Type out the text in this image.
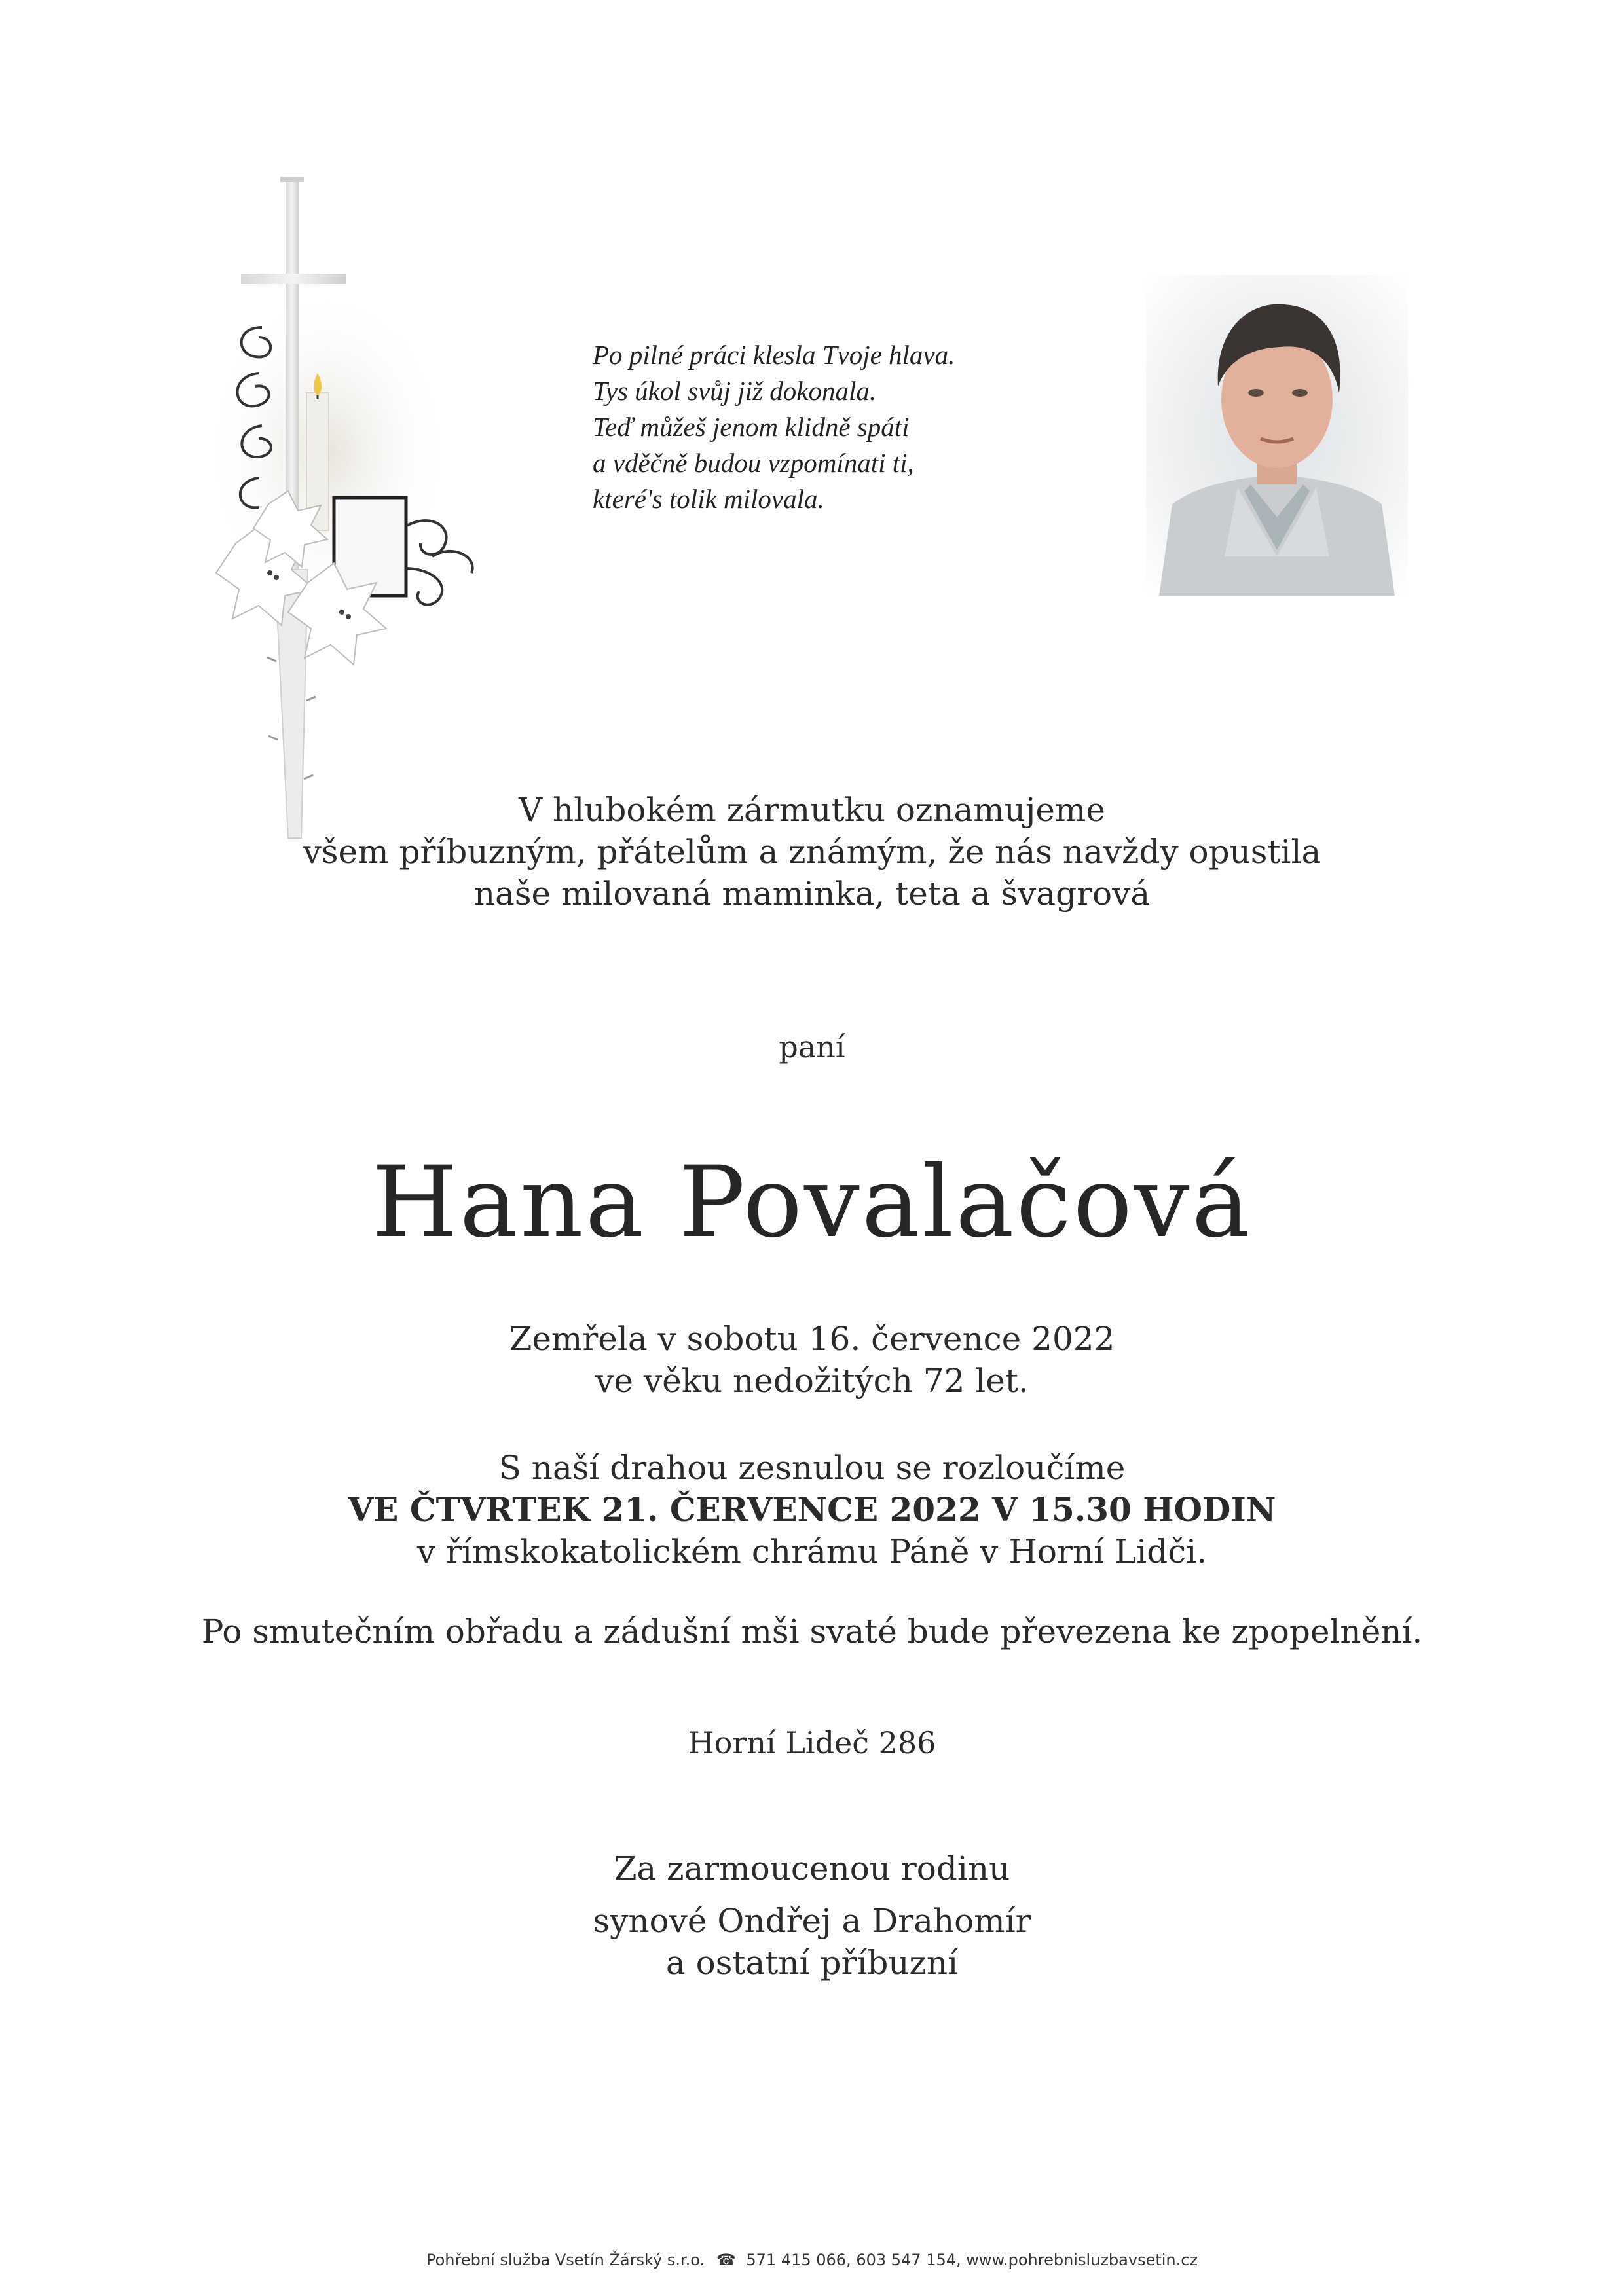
Po pilné práci klesla Tvoje hlava.
Tys úkol svůj již dokonala.
Teď můžeš jenom klidně spáti
a vděčně budou vzpomínati ti,
které's tolik milovala.
V hlubokém zármutku oznamujeme
všem příbuzným, přátelům a známým, že nás navždy opustila
naše milovaná maminka, teta a švagrová
paní
Hana Povalačová
Zemřela v sobotu 16. července 2022
ve věku nedožitých 72 let.
S naší drahou zesnulou se rozloučíme
VE ČTVRTEK 21. ČERVENCE 2022 V 15.30 HODIN
v římskokatolickém chrámu Páně v Horní Lidči.
Po smutečním obřadu a zádušní mši svaté bude převezena ke zpopelnění.
Horní Lideč 286
Za zarmoucenou rodinu
synové Ondřej a Drahomír
a ostatní příbuzní
Pohřební služba Vsetín Žárský s.r.o. ☎ 571 415 066, 603 547 154, www.pohrebnisluzbavsetin.cz
